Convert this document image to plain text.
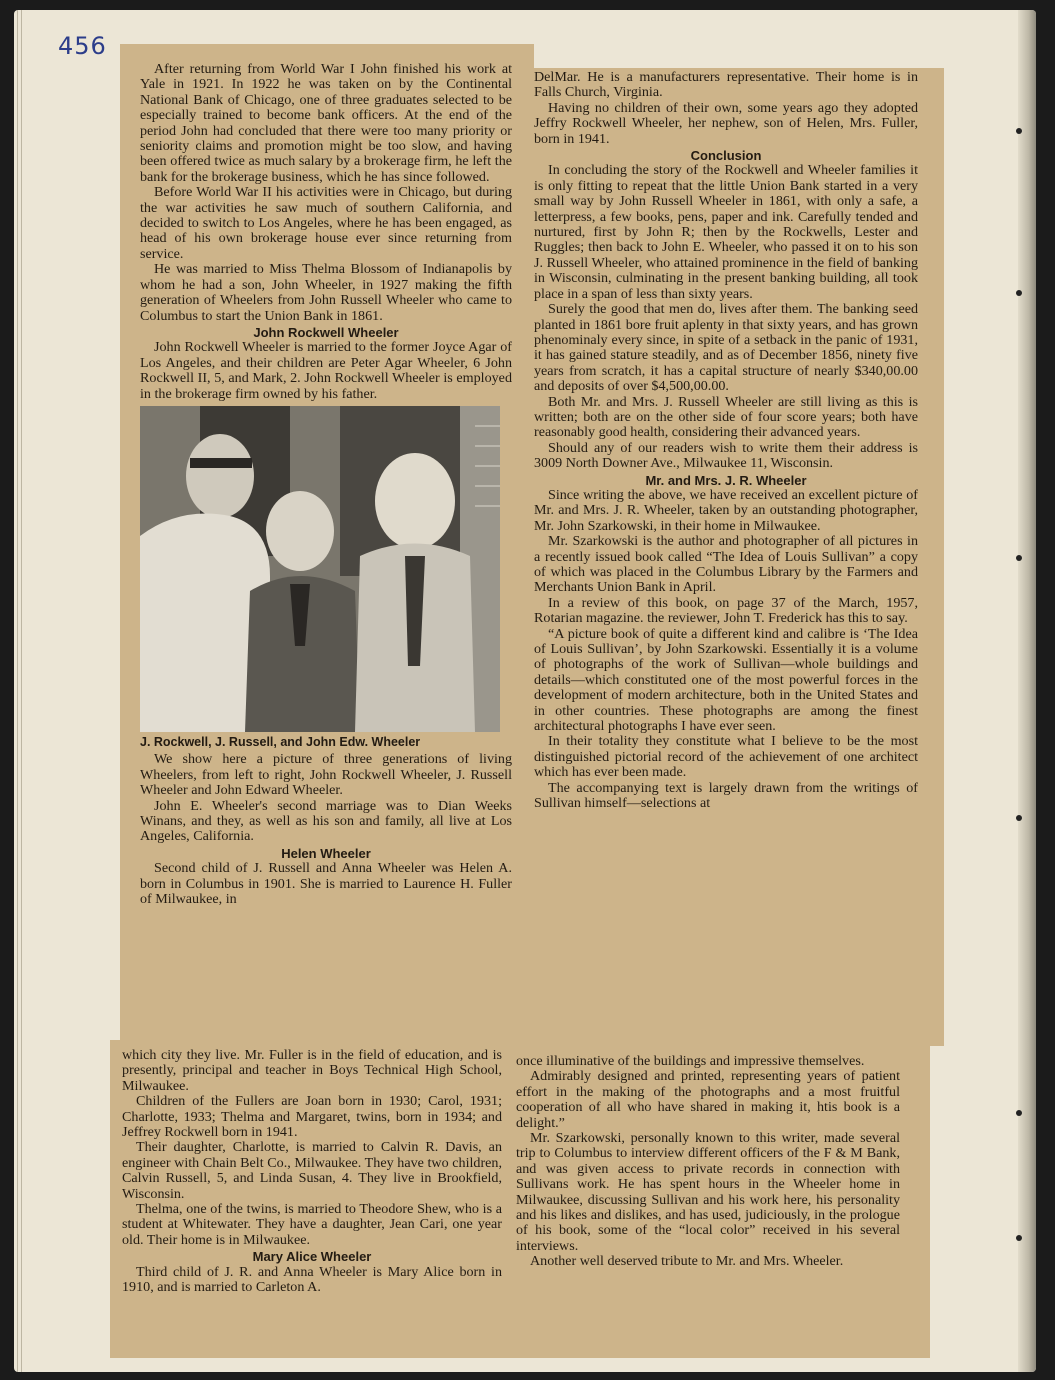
456

After returning from World War I John finished his work at Yale in 1921. In 1922 he was taken on by the Continental National Bank of Chicago, one of three graduates selected to be especially trained to become bank officers. At the end of the period John had concluded that there were too many priority or seniority claims and promotion might be too slow, and having been offered twice as much salary by a brokerage firm, he left the bank for the brokerage business, which he has since followed.

Before World War II his activities were in Chicago, but during the war activities he saw much of southern California, and decided to switch to Los Angeles, where he has been engaged, as head of his own brokerage house ever since returning from service.

He was married to Miss Thelma Blossom of Indianapolis by whom he had a son, John Wheeler, in 1927 making the fifth generation of Wheelers from John Russell Wheeler who came to Columbus to start the Union Bank in 1861.

John Rockwell Wheeler

John Rockwell Wheeler is married to the former Joyce Agar of Los Angeles, and their children are Peter Agar Wheeler, 6 John Rockwell II, 5, and Mark, 2. John Rockwell Wheeler is employed in the brokerage firm owned by his father.

J. Rockwell, J. Russell, and John Edw. Wheeler

We show here a picture of three generations of living Wheelers, from left to right, John Rockwell Wheeler, J. Russell Wheeler and John Edward Wheeler.

John E. Wheeler's second marriage was to Dian Weeks Winans, and they, as well as his son and family, all live at Los Angeles, California.

Helen Wheeler

Second child of J. Russell and Anna Wheeler was Helen A. born in Columbus in 1901. She is married to Laurence H. Fuller of Milwaukee, in

which city they live. Mr. Fuller is in the field of education, and is presently, principal and teacher in Boys Technical High School, Milwaukee.

Children of the Fullers are Joan born in 1930; Carol, 1931; Charlotte, 1933; Thelma and Margaret, twins, born in 1934; and Jeffrey Rockwell born in 1941.

Their daughter, Charlotte, is married to Calvin R. Davis, an engineer with Chain Belt Co., Milwaukee. They have two children, Calvin Russell, 5, and Linda Susan, 4. They live in Brookfield, Wisconsin.

Thelma, one of the twins, is married to Theodore Shew, who is a student at Whitewater. They have a daughter, Jean Cari, one year old. Their home is in Milwaukee.

Mary Alice Wheeler

Third child of J. R. and Anna Wheeler is Mary Alice born in 1910, and is married to Carleton A.

DelMar. He is a manufacturers representative. Their home is in Falls Church, Virginia.

Having no children of their own, some years ago they adopted Jeffry Rockwell Wheeler, her nephew, son of Helen, Mrs. Fuller, born in 1941.

Conclusion

In concluding the story of the Rockwell and Wheeler families it is only fitting to repeat that the little Union Bank started in a very small way by John Russell Wheeler in 1861, with only a safe, a letterpress, a few books, pens, paper and ink. Carefully tended and nurtured, first by John R; then by the Rockwells, Lester and Ruggles; then back to John E. Wheeler, who passed it on to his son J. Russell Wheeler, who attained prominence in the field of banking in Wisconsin, culminating in the present banking building, all took place in a span of less than sixty years.

Surely the good that men do, lives after them. The banking seed planted in 1861 bore fruit aplenty in that sixty years, and has grown phenominaly every since, in spite of a setback in the panic of 1931, it has gained stature steadily, and as of December 1856, ninety five years from scratch, it has a capital structure of nearly $340,00.00 and deposits of over $4,500,00.00.

Both Mr. and Mrs. J. Russell Wheeler are still living as this is written; both are on the other side of four score years; both have reasonably good health, considering their advanced years.

Should any of our readers wish to write them their address is 3009 North Downer Ave., Milwaukee 11, Wisconsin.

Mr. and Mrs. J. R. Wheeler

Since writing the above, we have received an excellent picture of Mr. and Mrs. J. R. Wheeler, taken by an outstanding photographer, Mr. John Szarkowski, in their home in Milwaukee.

Mr. Szarkowski is the author and photographer of all pictures in a recently issued book called “The Idea of Louis Sullivan” a copy of which was placed in the Columbus Library by the Farmers and Merchants Union Bank in April.

In a review of this book, on page 37 of the March, 1957, Rotarian magazine. the reviewer, John T. Frederick has this to say.

“A picture book of quite a different kind and calibre is ‘The Idea of Louis Sullivan’, by John Szarkowski. Essentially it is a volume of photographs of the work of Sullivan—whole buildings and details—which constituted one of the most powerful forces in the development of modern architecture, both in the United States and in other countries. These photographs are among the finest architectural photographs I have ever seen.

In their totality they constitute what I believe to be the most distinguished pictorial record of the achievement of one architect which has ever been made.

The accompanying text is largely drawn from the writings of Sullivan himself—selections at

once illuminative of the buildings and impressive themselves.

Admirably designed and printed, representing years of patient effort in the making of the photographs and a most fruitful cooperation of all who have shared in making it, htis book is a delight.”

Mr. Szarkowski, personally known to this writer, made several trip to Columbus to interview different officers of the F & M Bank, and was given access to private records in connection with Sullivans work. He has spent hours in the Wheeler home in Milwaukee, discussing Sullivan and his work here, his personality and his likes and dislikes, and has used, judiciously, in the prologue of his book, some of the “local color” received in his several interviews.

Another well deserved tribute to Mr. and Mrs. Wheeler.
